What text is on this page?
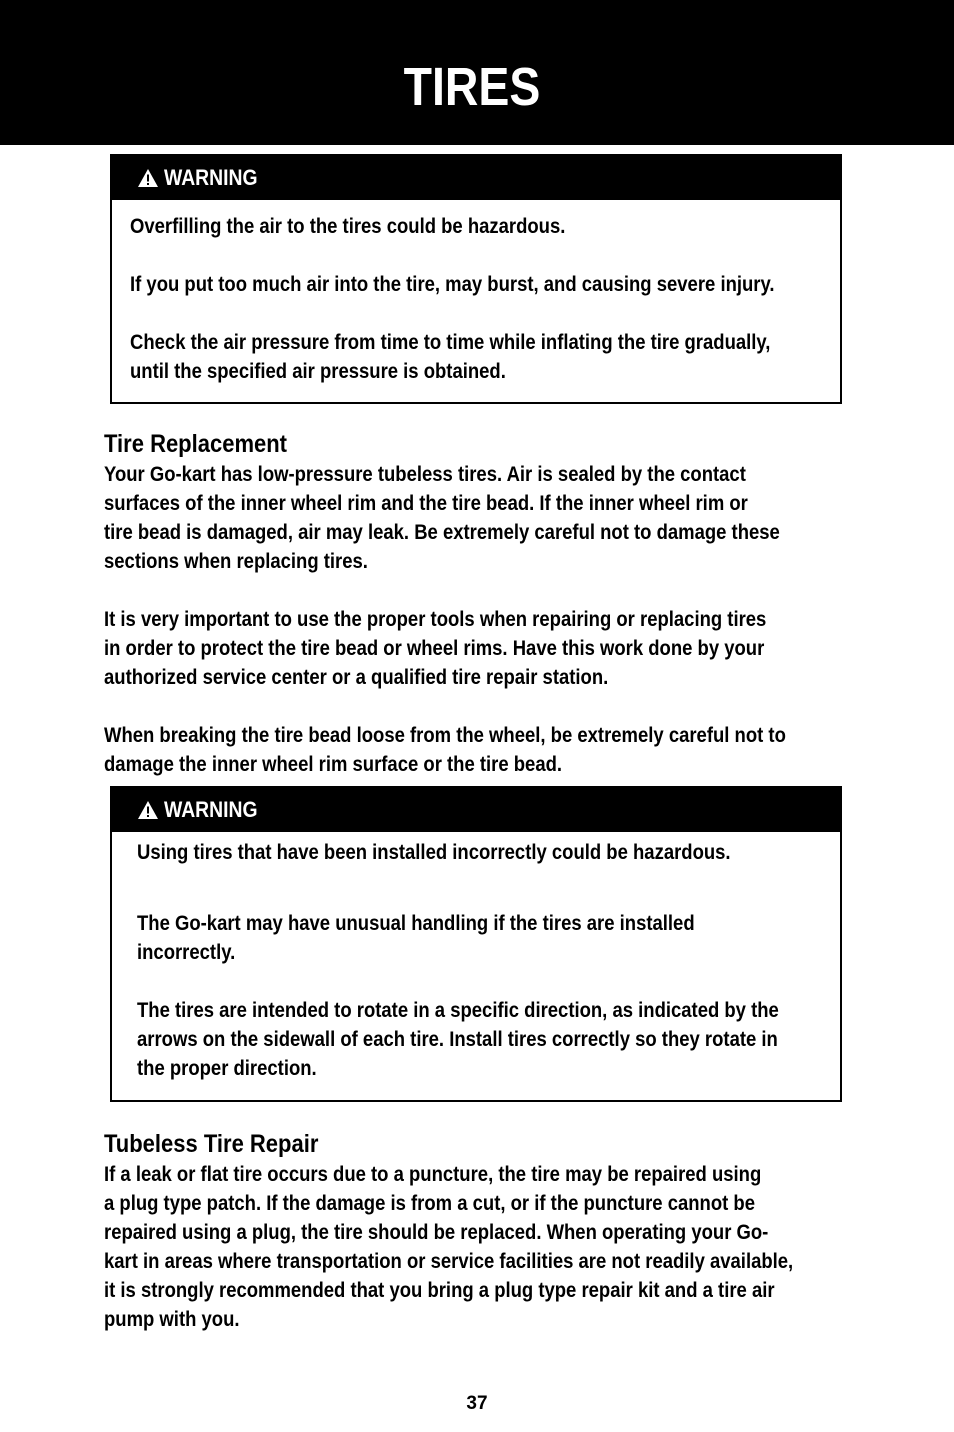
TIRES
WARNING
Overfilling the air to the tires could be hazardous.
If you put too much air into the tire, may burst, and causing severe injury.
Check the air pressure from time to time while inflating the tire gradually,
until the specified air pressure is obtained.
Tire Replacement
Your Go-kart has low-pressure tubeless tires. Air is sealed by the contact
surfaces of the inner wheel rim and the tire bead. If the inner wheel rim or
tire bead is damaged, air may leak. Be extremely careful not to damage these
sections when replacing tires.
It is very important to use the proper tools when repairing or replacing tires
in order to protect the tire bead or wheel rims. Have this work done by your
authorized service center or a qualified tire repair station.
When breaking the tire bead loose from the wheel, be extremely careful not to
damage the inner wheel rim surface or the tire bead.
WARNING
Using tires that have been installed incorrectly could be hazardous.
The Go-kart may have unusual handling if the tires are installed
incorrectly.
The tires are intended to rotate in a specific direction, as indicated by the
arrows on the sidewall of each tire. Install tires correctly so they rotate in
the proper direction.
Tubeless Tire Repair
If a leak or flat tire occurs due to a puncture, the tire may be repaired using
a plug type patch. If the damage is from a cut, or if the puncture cannot be
repaired using a plug, the tire should be replaced. When operating your Go-
kart in areas where transportation or service facilities are not readily available,
it is strongly recommended that you bring a plug type repair kit and a tire air
pump with you.
37
